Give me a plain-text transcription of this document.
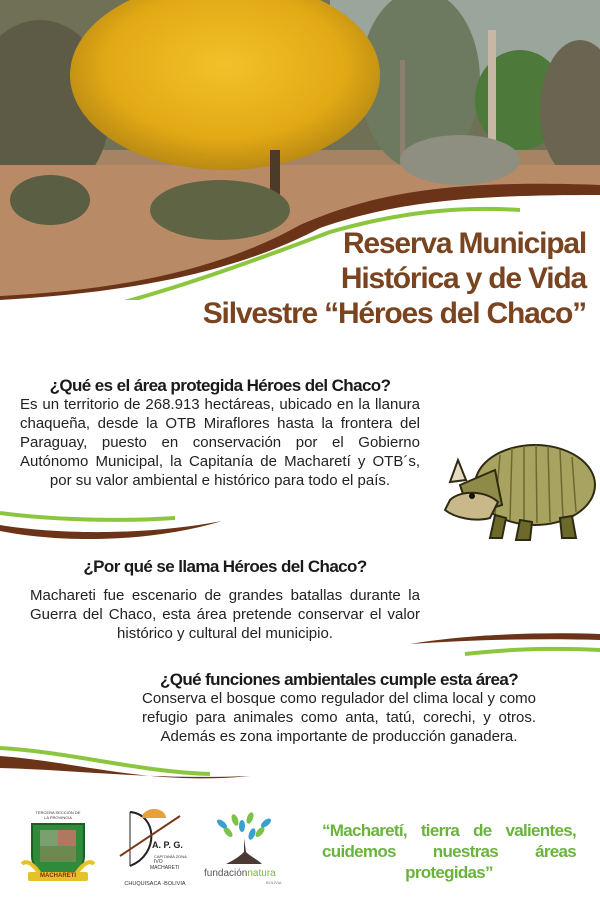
Reserva Municipal
Histórica y de Vida
Silvestre “Héroes del Chaco”
¿Qué es el área protegida Héroes del Chaco?

Es un territorio de 268.913 hectáreas, ubicado en la llanura chaqueña, desde la OTB Miraflores hasta la frontera del Paraguay, puesto en conservación por el Gobierno Autónomo Municipal, la Capitanía de Macharetí y OTB´s, por su valor ambiental e histórico para todo el país.

¿Por qué se llama Héroes del Chaco?

Machareti fue escenario de grandes batallas durante la Guerra del Chaco, esta área pretende conservar el valor histórico y cultural del municipio.

¿Qué funciones ambientales cumple esta área?

Conserva el bosque como regulador del clima local y como refugio para animales como anta, tatú, corechi, y otros. Además es zona importante de producción ganadera.

MACHARETI
TERCERA SECCIÓN DE LA PROVINCIA
A. P. G.
CAPITANÍA ZONA
IVO
MACHARETI
CHUQUISACA -BOLIVIA
fundaciónnatura
BOLIVIA
“Macharetí, tierra de valientes, cuidemos nuestras áreas protegidas”
